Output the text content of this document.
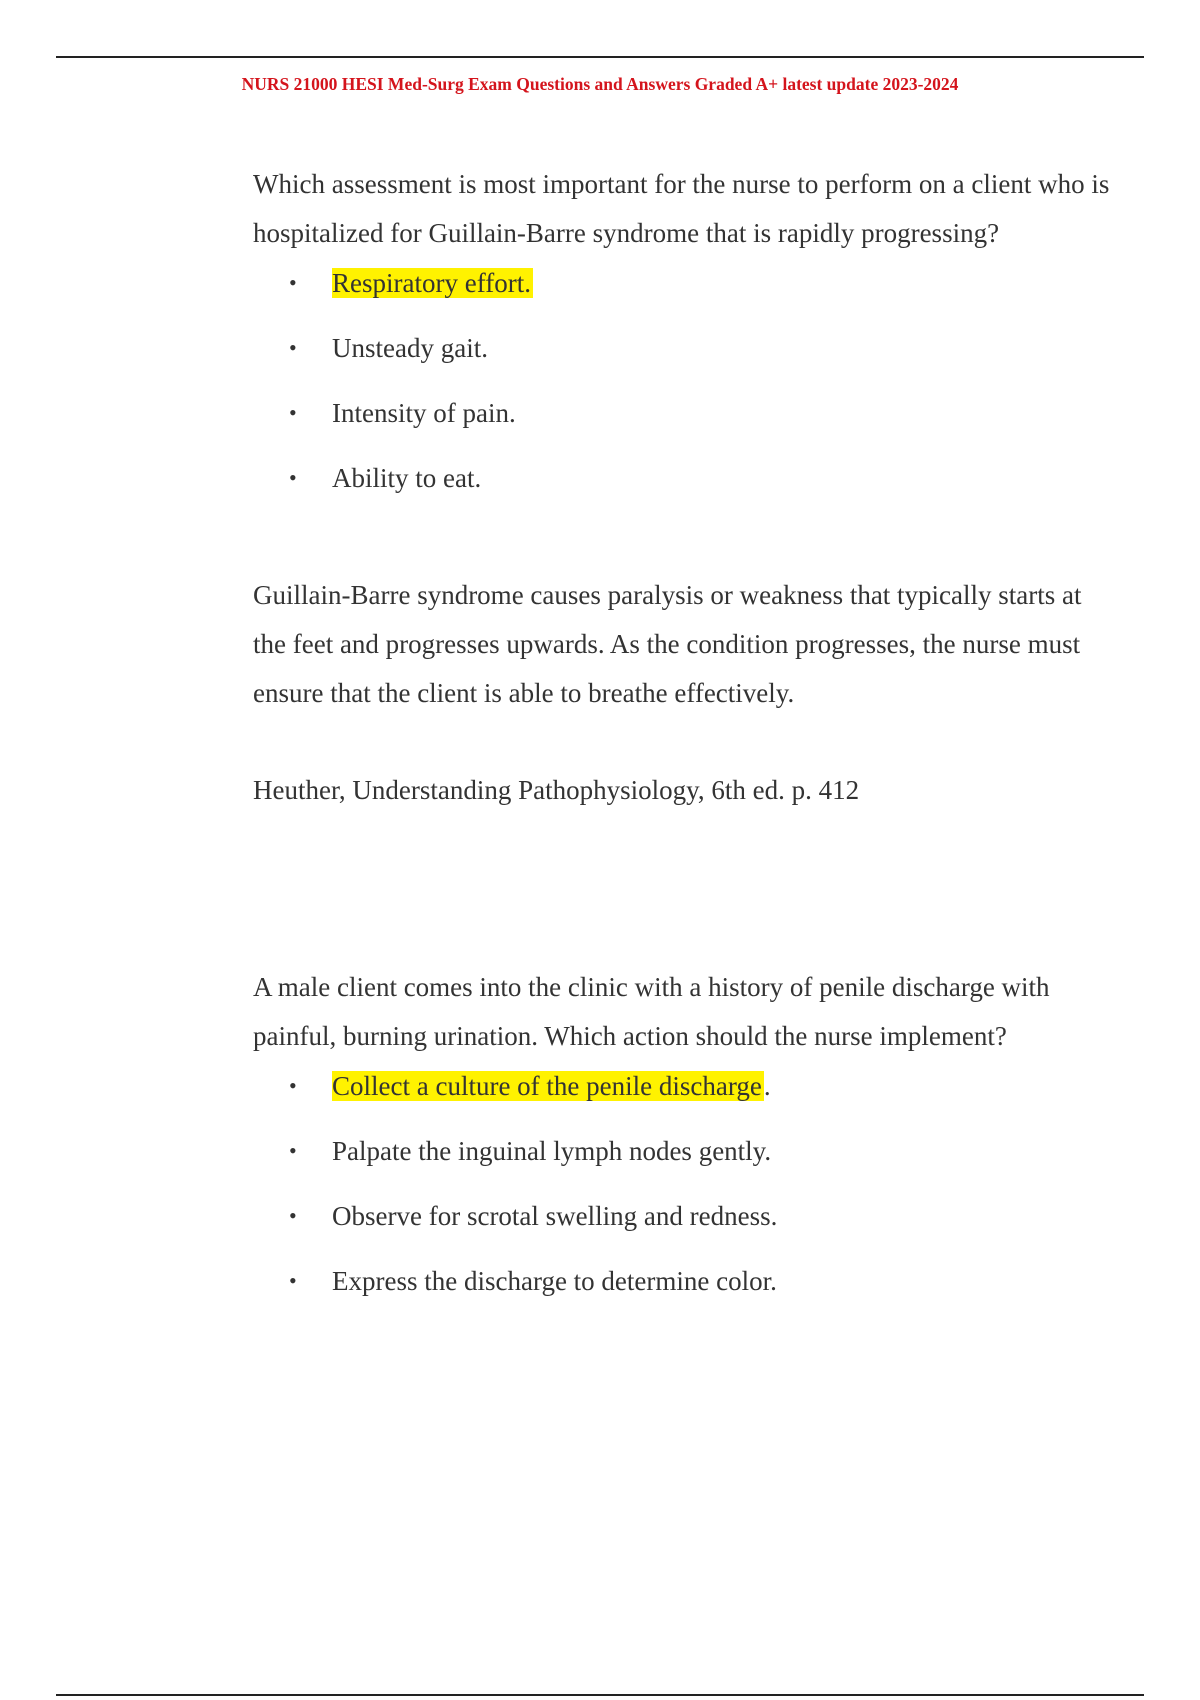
NURS 21000 HESI Med-Surg Exam Questions and Answers Graded A+ latest update 2023-2024

Which assessment is most important for the nurse to perform on a client who is hospitalized for Guillain-Barre syndrome that is rapidly progressing?

• Respiratory effort.
• Unsteady gait.
• Intensity of pain.
• Ability to eat.

Guillain-Barre syndrome causes paralysis or weakness that typically starts at the feet and progresses upwards. As the condition progresses, the nurse must ensure that the client is able to breathe effectively.

Heuther, Understanding Pathophysiology, 6th ed. p. 412

A male client comes into the clinic with a history of penile discharge with painful, burning urination. Which action should the nurse implement?

• Collect a culture of the penile discharge.
• Palpate the inguinal lymph nodes gently.
• Observe for scrotal swelling and redness.
• Express the discharge to determine color.
